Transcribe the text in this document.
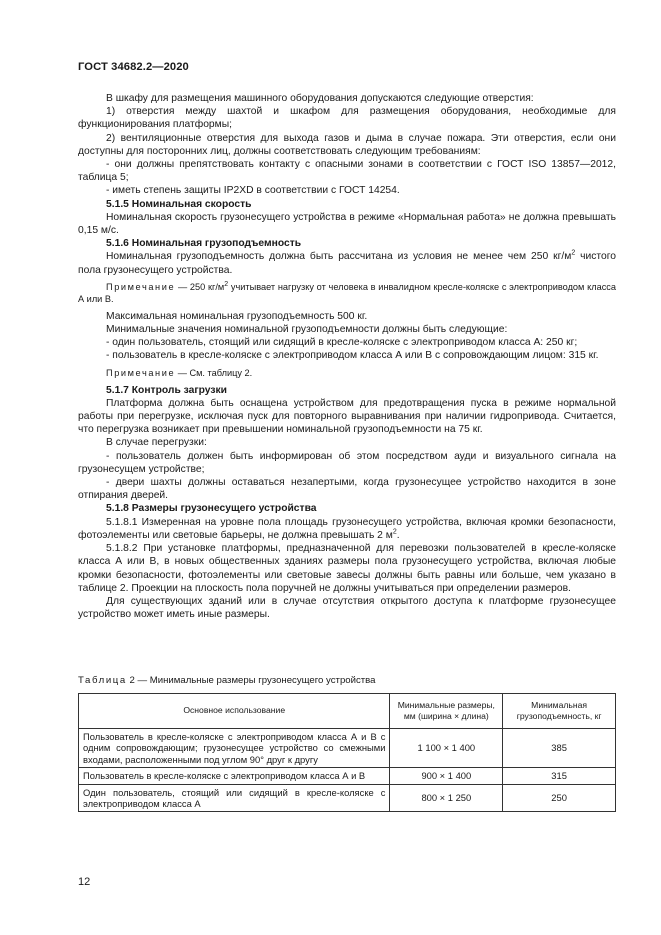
ГОСТ 34682.2—2020

В шкафу для размещения машинного оборудования допускаются следующие отверстия:

1) отверстия между шахтой и шкафом для размещения оборудования, необходимые для функционирования платформы;

2) вентиляционные отверстия для выхода газов и дыма в случае пожара. Эти отверстия, если они доступны для посторонних лиц, должны соответствовать следующим требованиям:

- они должны препятствовать контакту с опасными зонами в соответствии с ГОСТ ISO 13857—2012, таблица 5;

- иметь степень защиты IP2XD в соответствии с ГОСТ 14254.

5.1.5 Номинальная скорость

Номинальная скорость грузонесущего устройства в режиме «Нормальная работа» не должна превышать 0,15 м/с.

5.1.6 Номинальная грузоподъемность

Номинальная грузоподъемность должна быть рассчитана из условия не менее чем 250 $кг/м^2$ чистого пола грузонесущего устройства.

Примечание — 250 $кг/м^2$ учитывает нагрузку от человека в инвалидном кресле-коляске с электроприводом класса А или В.

Максимальная номинальная грузоподъемность 500 кг.

Минимальные значения номинальной грузоподъемности должны быть следующие:

- один пользователь, стоящий или сидящий в кресле-коляске с электроприводом класса А: 250 кг;

- пользователь в кресле-коляске с электроприводом класса А или В с сопровождающим лицом: 315 кг.

Примечание — См. таблицу 2.

5.1.7 Контроль загрузки

Платформа должна быть оснащена устройством для предотвращения пуска в режиме нормальной работы при перегрузке, исключая пуск для повторного выравнивания при наличии гидропривода. Считается, что перегрузка возникает при превышении номинальной грузоподъемности на 75 кг.

В случае перегрузки:

- пользователь должен быть информирован об этом посредством ауди и визуального сигнала на грузонесущем устройстве;

- двери шахты должны оставаться незапертыми, когда грузонесущее устройство находится в зоне отпирания дверей.

5.1.8 Размеры грузонесущего устройства

5.1.8.1 Измеренная на уровне пола площадь грузонесущего устройства, включая кромки безопасности, фотоэлементы или световые барьеры, не должна превышать 2 $м^2$.

5.1.8.2 При установке платформы, предназначенной для перевозки пользователей в кресле-коляске класса А или В, в новых общественных зданиях размеры пола грузонесущего устройства, включая любые кромки безопасности, фотоэлементы или световые завесы должны быть равны или больше, чем указано в таблице 2. Проекции на плоскость пола поручней не должны учитываться при определении размеров.

Для существующих зданий или в случае отсутствия открытого доступа к платформе грузонесущее устройство может иметь иные размеры.

Таблица 2 — Минимальные размеры грузонесущего устройства
Основное использование	Минимальные размеры, мм (ширина × длина)	Минимальная грузоподъемность, кг
Пользователь в кресле-коляске с электроприводом класса А и В с одним сопровождающим; грузонесущее устройство со смежными входами, расположенными под углом 90° друг к другу	1 100 × 1 400	385
Пользователь в кресле-коляске с электроприводом класса А и В	900 × 1 400	315
Один пользователь, стоящий или сидящий в кресле-коляске с электроприводом класса А	800 × 1 250	250
12
